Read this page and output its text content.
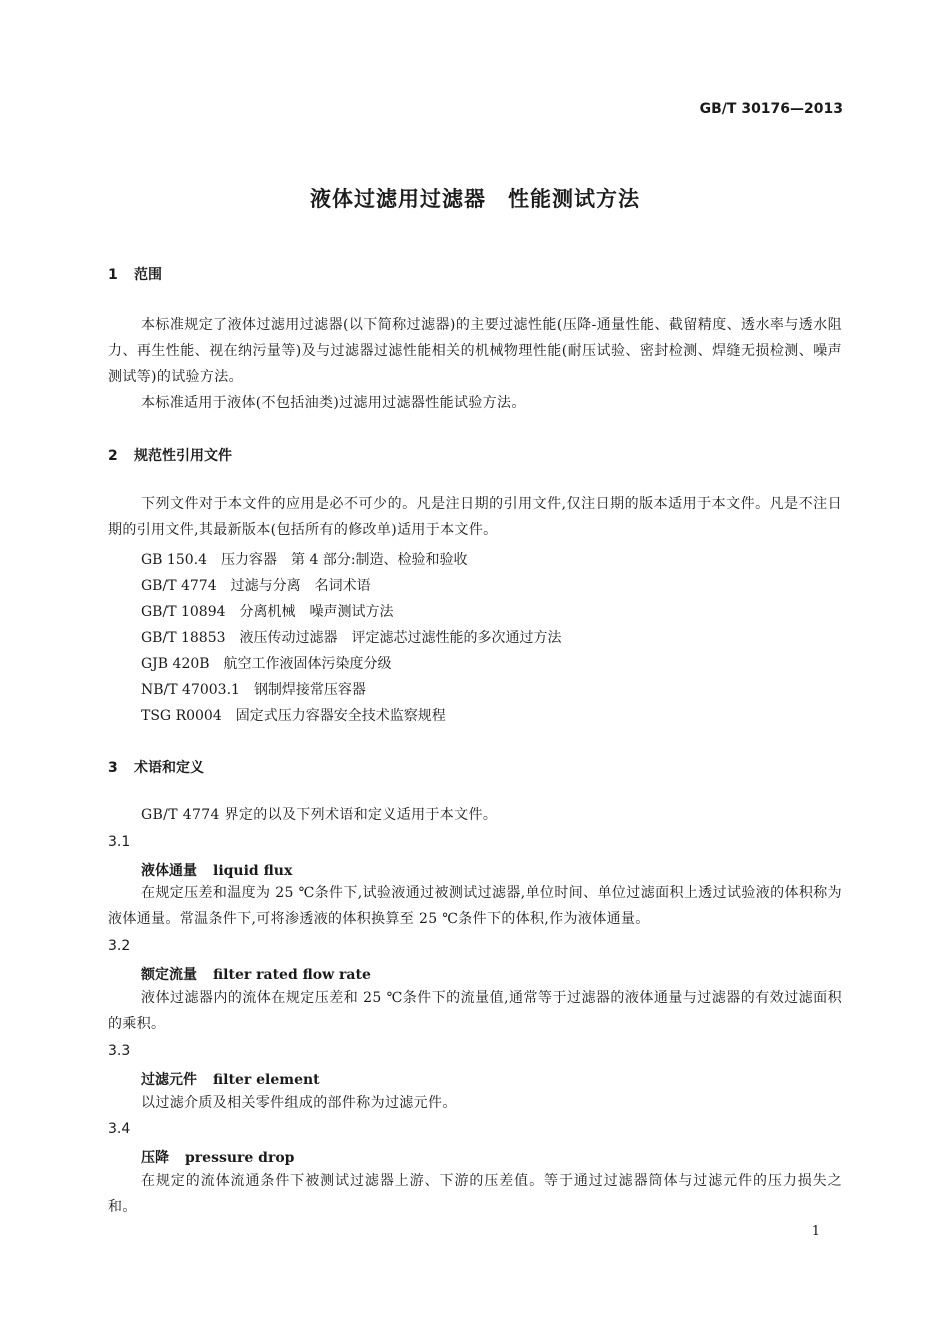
GB/T 30176—2013
液体过滤用过滤器　性能测试方法
1 范围
本标准规定了液体过滤用过滤器(以下简称过滤器)的主要过滤性能(压降-通量性能、截留精度、透水率与透水阻力、再生性能、视在纳污量等)及与过滤器过滤性能相关的机械物理性能(耐压试验、密封检测、焊缝无损检测、噪声测试等)的试验方法。
本标准适用于液体(不包括油类)过滤用过滤器性能试验方法。
2 规范性引用文件
下列文件对于本文件的应用是必不可少的。凡是注日期的引用文件,仅注日期的版本适用于本文件。凡是不注日期的引用文件,其最新版本(包括所有的修改单)适用于本文件。
GB 150.4 压力容器　第 4 部分:制造、检验和验收
GB/T 4774 过滤与分离　名词术语
GB/T 10894 分离机械　噪声测试方法
GB/T 18853 液压传动过滤器　评定滤芯过滤性能的多次通过方法
GJB 420B 航空工作液固体污染度分级
NB/T 47003.1 钢制焊接常压容器
TSG R0004 固定式压力容器安全技术监察规程
3 术语和定义
GB/T 4774 界定的以及下列术语和定义适用于本文件。
3.1
液体通量 liquid flux
在规定压差和温度为 25 ℃条件下,试验液通过被测试过滤器,单位时间、单位过滤面积上透过试验液的体积称为液体通量。常温条件下,可将渗透液的体积换算至 25 ℃条件下的体积,作为液体通量。
3.2
额定流量 filter rated flow rate
液体过滤器内的流体在规定压差和 25 ℃条件下的流量值,通常等于过滤器的液体通量与过滤器的有效过滤面积的乘积。
3.3
过滤元件 filter element
以过滤介质及相关零件组成的部件称为过滤元件。
3.4
压降 pressure drop
在规定的流体流通条件下被测试过滤器上游、下游的压差值。等于通过过滤器筒体与过滤元件的压力损失之和。
1
